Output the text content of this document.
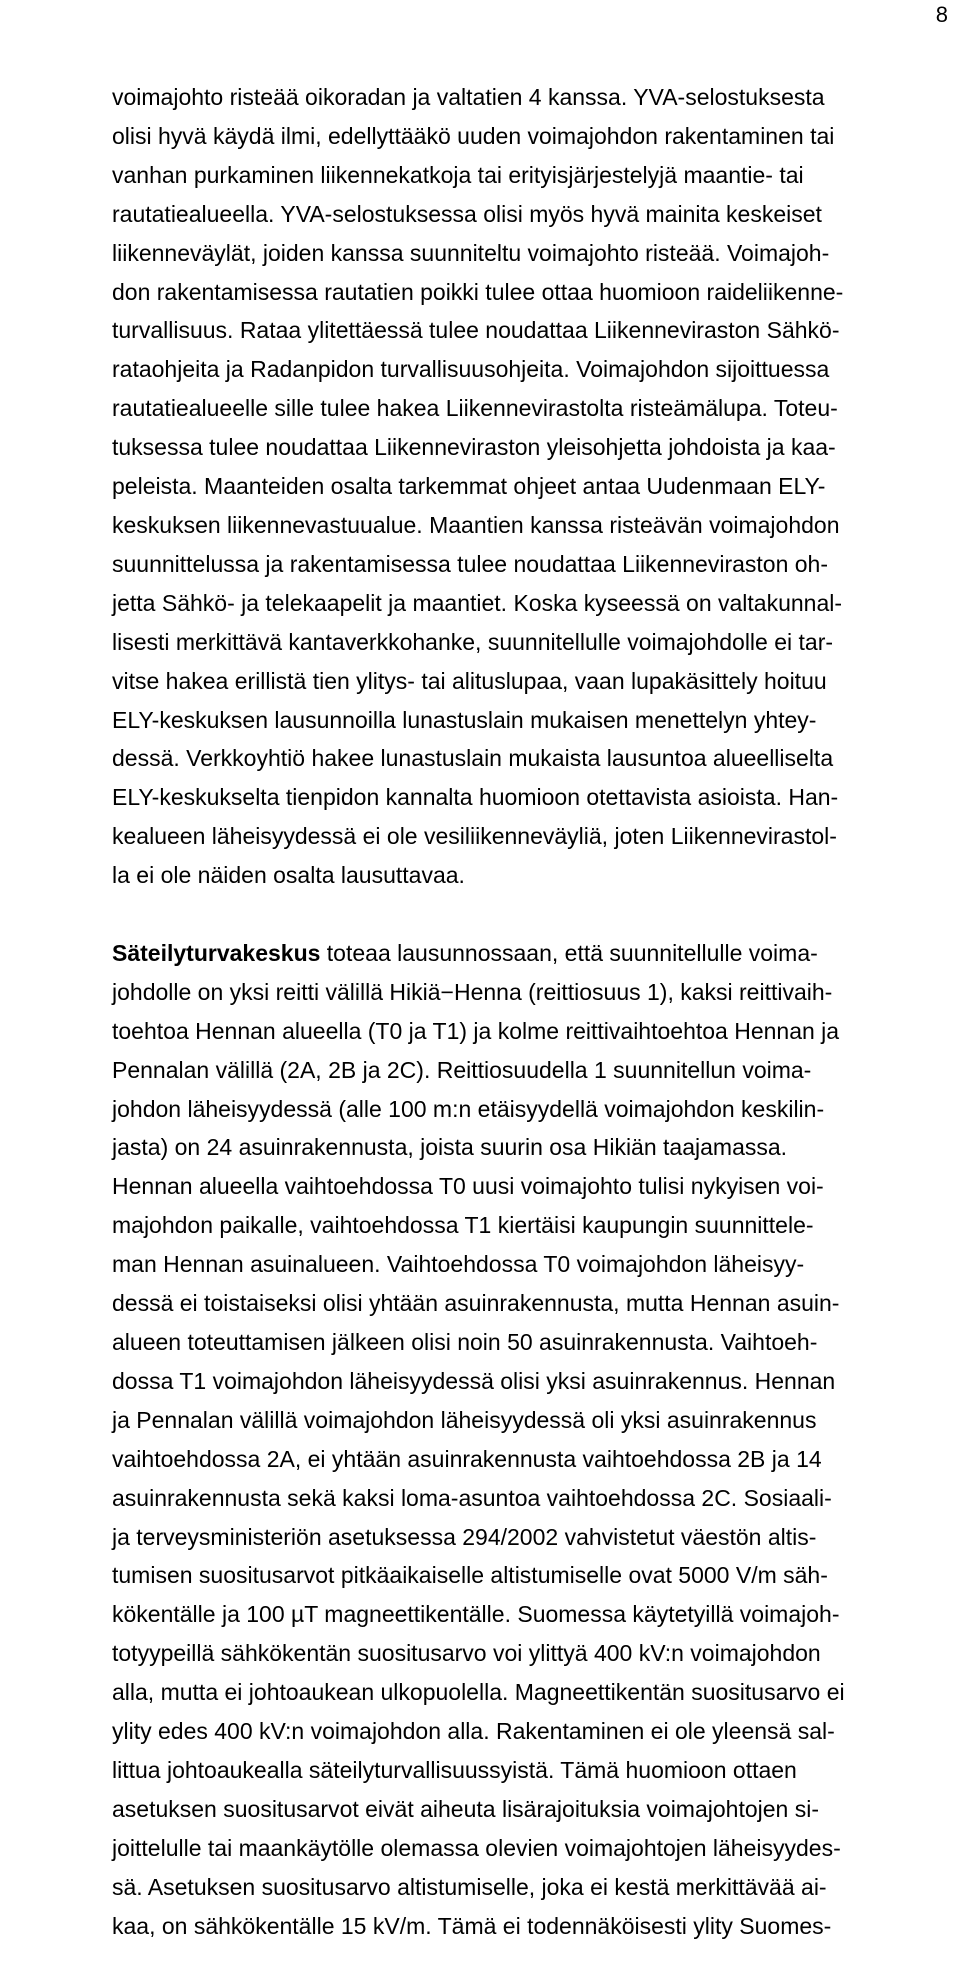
8
voimajohto risteää oikoradan ja valtatien 4 kanssa. YVA-selostuksesta
olisi hyvä käydä ilmi, edellyttääkö uuden voimajohdon rakentaminen tai
vanhan purkaminen liikennekatkoja tai erityisjärjestelyjä maantie- tai
rautatiealueella. YVA-selostuksessa olisi myös hyvä mainita keskeiset
liikenneväylät, joiden kanssa suunniteltu voimajohto risteää. Voimajoh-
don rakentamisessa rautatien poikki tulee ottaa huomioon raideliikenne-
turvallisuus. Rataa ylitettäessä tulee noudattaa Liikenneviraston Sähkö-
rataohjeita ja Radanpidon turvallisuusohjeita. Voimajohdon sijoittuessa
rautatiealueelle sille tulee hakea Liikennevirastolta risteämälupa. Toteu-
tuksessa tulee noudattaa Liikenneviraston yleisohjetta johdoista ja kaa-
peleista. Maanteiden osalta tarkemmat ohjeet antaa Uudenmaan ELY-
keskuksen liikennevastuualue. Maantien kanssa risteävän voimajohdon
suunnittelussa ja rakentamisessa tulee noudattaa Liikenneviraston oh-
jetta Sähkö- ja telekaapelit ja maantiet. Koska kyseessä on valtakunnal-
lisesti merkittävä kantaverkkohanke, suunnitellulle voimajohdolle ei tar-
vitse hakea erillistä tien ylitys- tai alituslupaa, vaan lupakäsittely hoituu
ELY-keskuksen lausunnoilla lunastuslain mukaisen menettelyn yhtey-
dessä. Verkkoyhtiö hakee lunastuslain mukaista lausuntoa alueelliselta
ELY-keskukselta tienpidon kannalta huomioon otettavista asioista. Han-
kealueen läheisyydessä ei ole vesiliikenneväyliä, joten Liikennevirastol-
la ei ole näiden osalta lausuttavaa.
Säteilyturvakeskus toteaa lausunnossaan, että suunnitellulle voima-
johdolle on yksi reitti välillä Hikiä−Henna (reittiosuus 1), kaksi reittivaih-
toehtoa Hennan alueella (T0 ja T1) ja kolme reittivaihtoehtoa Hennan ja
Pennalan välillä (2A, 2B ja 2C). Reittiosuudella 1 suunnitellun voima-
johdon läheisyydessä (alle 100 m:n etäisyydellä voimajohdon keskilin-
jasta) on 24 asuinrakennusta, joista suurin osa Hikiän taajamassa.
Hennan alueella vaihtoehdossa T0 uusi voimajohto tulisi nykyisen voi-
majohdon paikalle, vaihtoehdossa T1 kiertäisi kaupungin suunnittele-
man Hennan asuinalueen. Vaihtoehdossa T0 voimajohdon läheisyy-
dessä ei toistaiseksi olisi yhtään asuinrakennusta, mutta Hennan asuin-
alueen toteuttamisen jälkeen olisi noin 50 asuinrakennusta. Vaihtoeh-
dossa T1 voimajohdon läheisyydessä olisi yksi asuinrakennus. Hennan
ja Pennalan välillä voimajohdon läheisyydessä oli yksi asuinrakennus
vaihtoehdossa 2A, ei yhtään asuinrakennusta vaihtoehdossa 2B ja 14
asuinrakennusta sekä kaksi loma-asuntoa vaihtoehdossa 2C. Sosiaali-
ja terveysministeriön asetuksessa 294/2002 vahvistetut väestön altis-
tumisen suositusarvot pitkäaikaiselle altistumiselle ovat 5000 V/m säh-
kökentälle ja 100 µT magneettikentälle. Suomessa käytetyillä voimajoh-
totyypeillä sähkökentän suositusarvo voi ylittyä 400 kV:n voimajohdon
alla, mutta ei johtoaukean ulkopuolella. Magneettikentän suositusarvo ei
ylity edes 400 kV:n voimajohdon alla. Rakentaminen ei ole yleensä sal-
littua johtoaukealla säteilyturvallisuussyistä. Tämä huomioon ottaen
asetuksen suositusarvot eivät aiheuta lisärajoituksia voimajohtojen si-
joittelulle tai maankäytölle olemassa olevien voimajohtojen läheisyydes-
sä. Asetuksen suositusarvo altistumiselle, joka ei kestä merkittävää ai-
kaa, on sähkökentälle 15 kV/m. Tämä ei todennäköisesti ylity Suomes-
